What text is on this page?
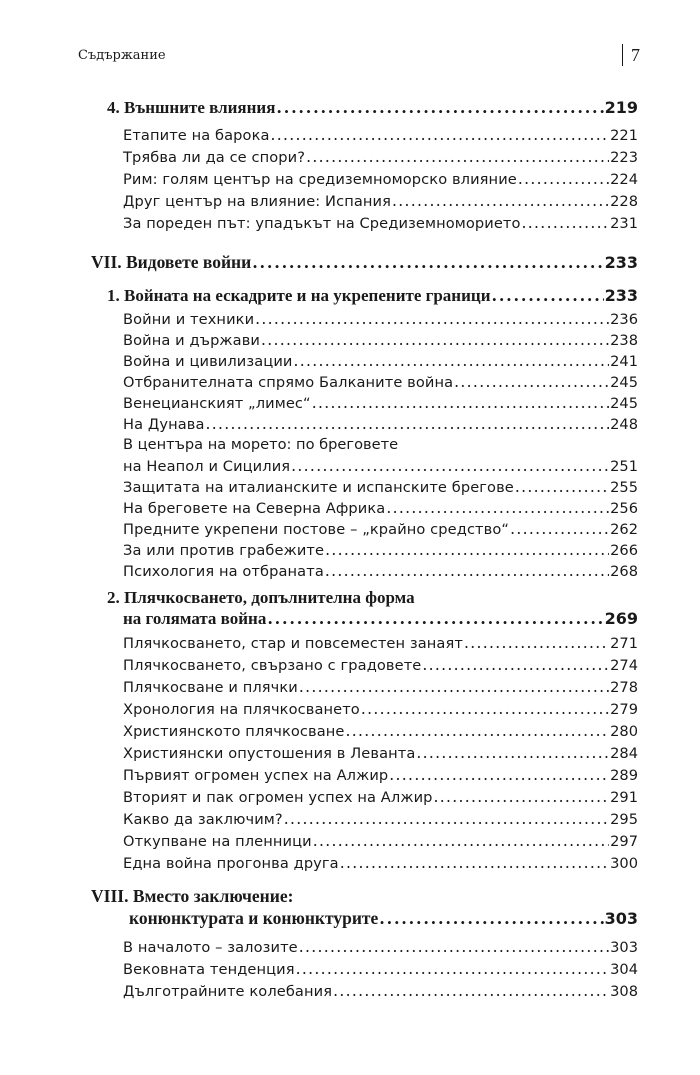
Съдържание	7
4. Външните влияния . . .	219
Етапите на барока . . .	221
Трябва ли да се спори? . . .	223
Рим: голям център на средиземноморско влияние . . .	224
Друг център на влияние: Испания . . .	228
За пореден път: упадъкът на Средиземноморието . . .	231
VII. Видовете войни . . .	233
1. Войната на ескадрите и на укрепените граници . . .	233
Войни и техники . . .	236
Война и държави . . .	238
Война и цивилизации . . .	241
Отбранителната спрямо Балканите война . . .	245
Венецианският „лимес“ . . .	245
На Дунава . . .	248
В центъра на морето: по бреговете
на Неапол и Сицилия . . .	251
Защитата на италианските и испанските брегове . . .	255
На бреговете на Северна Африка . . .	256
Предните укрепени постове – „крайно средство“ . . .	262
За или против грабежите . . .	266
Психология на отбраната . . .	268
2. Плячкосването, допълнителна форма
на голямата война . . .	269
Плячкосването, стар и повсеместен занаят . . .	271
Плячкосването, свързано с градовете . . .	274
Плячкосване и плячки . . .	278
Хронология на плячкосването . . .	279
Християнското плячкосване . . .	280
Християнски опустошения в Леванта . . .	284
Първият огромен успех на Алжир . . .	289
Вторият и пак огромен успех на Алжир . . .	291
Какво да заключим? . . .	295
Откупване на пленници . . .	297
Една война прогонва друга . . .	300
VIII. Вместо заключение:
конюнктурата и конюнктурите . . .	303
В началото – залозите . . .	303
Вековната тенденция . . .	304
Дълготрайните колебания . . .	308
